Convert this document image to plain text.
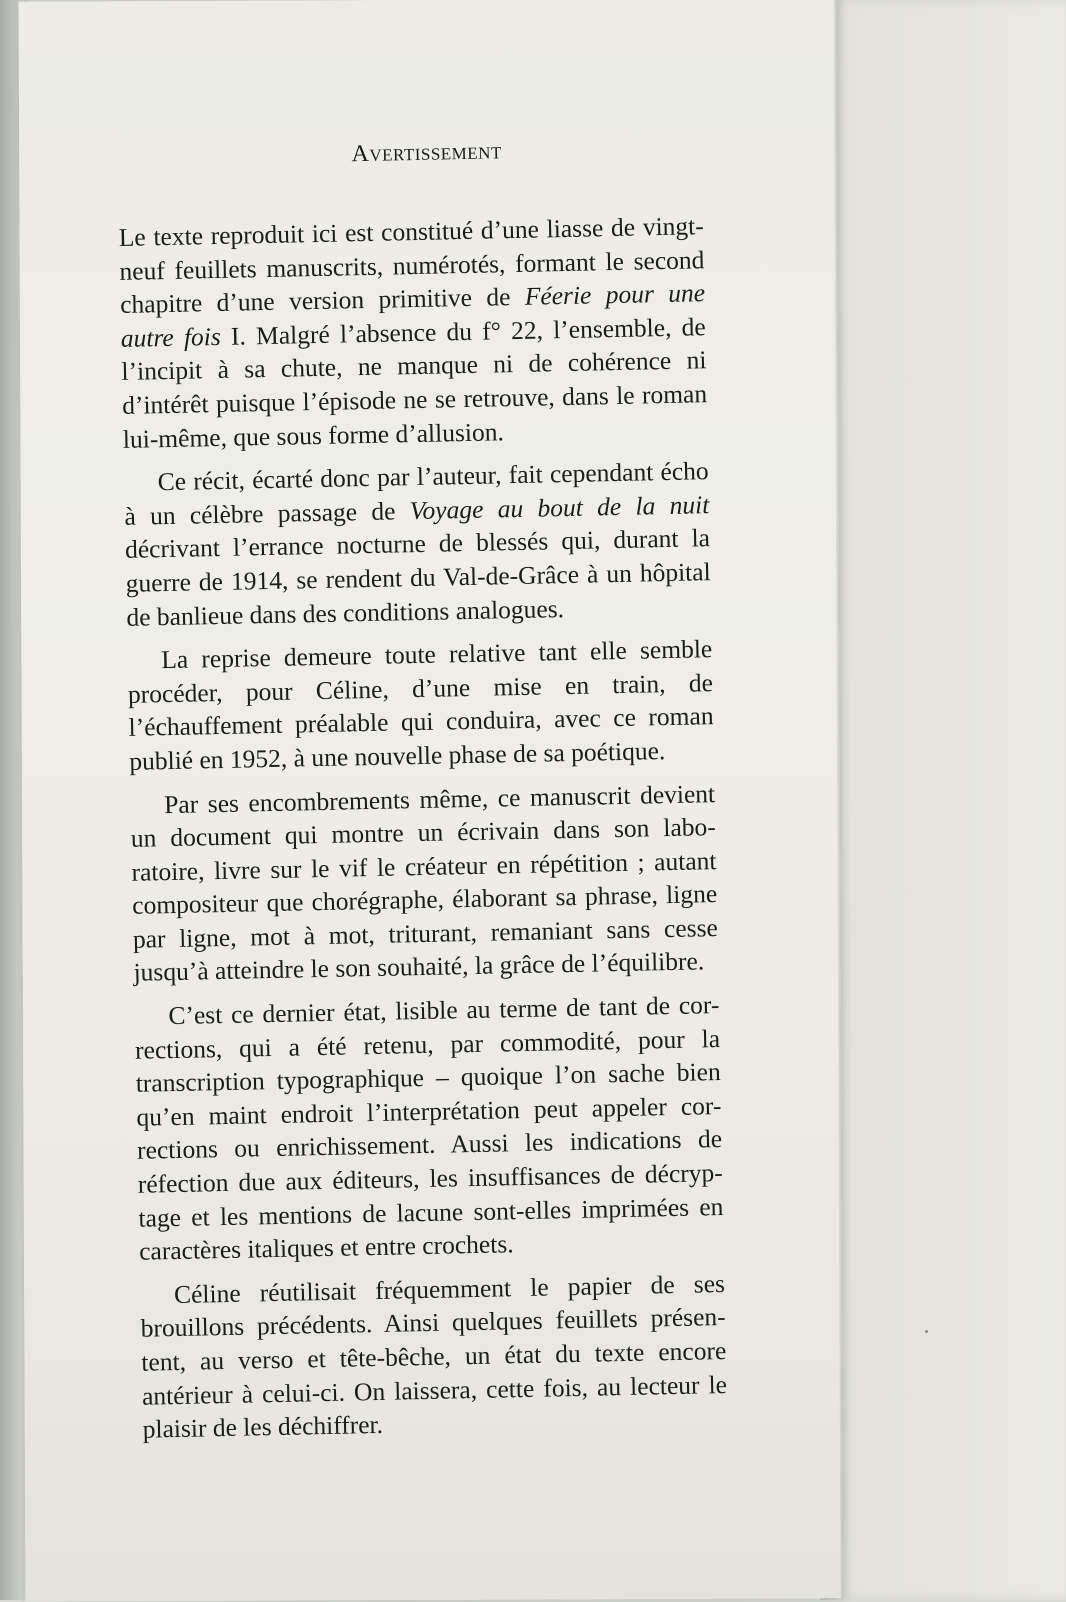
Avertissement

Le texte reproduit ici est constitué d’une liasse de vingt-neuf feuillets manuscrits, numérotés, formant le second chapitre d’une version primitive de Féerie pour une autre fois I. Malgré l’absence du f° 22, l’ensemble, de l’incipit à sa chute, ne manque ni de cohérence ni d’intérêt puisque l’épisode ne se retrouve, dans le roman lui-même, que sous forme d’allusion.

Ce récit, écarté donc par l’auteur, fait cependant écho à un célèbre passage de Voyage au bout de la nuit décrivant l’errance nocturne de blessés qui, durant la guerre de 1914, se rendent du Val-de-Grâce à un hôpital de banlieue dans des conditions analogues.

La reprise demeure toute relative tant elle semble procéder, pour Céline, d’une mise en train, de l’échauffement préalable qui conduira, avec ce roman publié en 1952, à une nouvelle phase de sa poétique.

Par ses encombrements même, ce manuscrit devient un document qui montre un écrivain dans son labo-ratoire, livre sur le vif le créateur en répétition ; autant compositeur que chorégraphe, élaborant sa phrase, ligne par ligne, mot à mot, triturant, remaniant sans cesse jusqu’à atteindre le son souhaité, la grâce de l’équilibre.

C’est ce dernier état, lisible au terme de tant de cor-rections, qui a été retenu, par commodité, pour la transcription typographique – quoique l’on sache bien qu’en maint endroit l’interprétation peut appeler cor-rections ou enrichissement. Aussi les indications de réfection due aux éditeurs, les insuffisances de décryp-tage et les mentions de lacune sont-elles imprimées en caractères italiques et entre crochets.

Céline réutilisait fréquemment le papier de ses brouillons précédents. Ainsi quelques feuillets présen-tent, au verso et tête-bêche, un état du texte encore antérieur à celui-ci. On laissera, cette fois, au lecteur le plaisir de les déchiffrer.
